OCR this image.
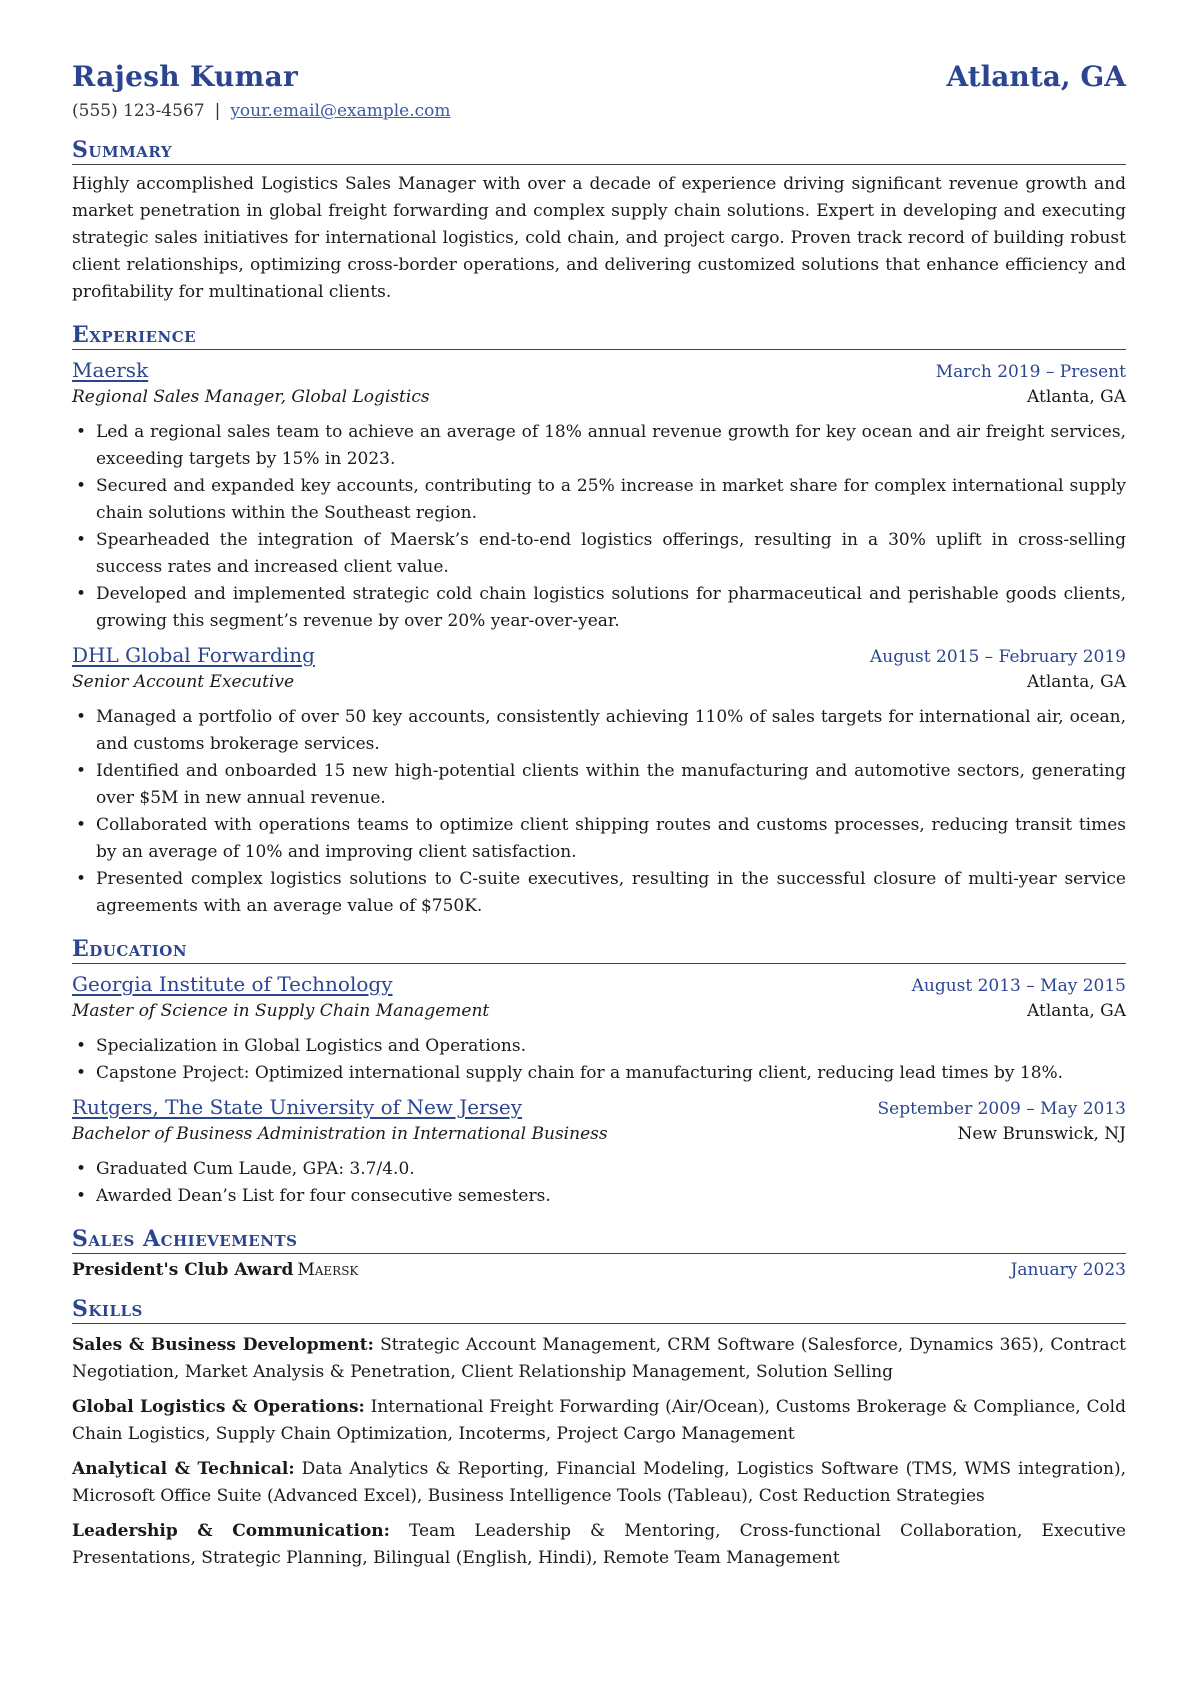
Rajesh Kumar	Atlanta, GA
(555) 123-4567 | your.email@example.com
Summary
Highly accomplished Logistics Sales Manager with over a decade of experience driving significant revenue growth and market penetration in global freight forwarding and complex supply chain solutions. Expert in developing and executing strategic sales initiatives for international logistics, cold chain, and project cargo. Proven track record of building robust client relationships, optimizing cross-border operations, and delivering customized solutions that enhance efficiency and profitability for multinational clients.
Experience
Maersk	March 2019 – Present
Regional Sales Manager, Global Logistics	Atlanta, GA
• Led a regional sales team to achieve an average of 18% annual revenue growth for key ocean and air freight services, exceeding targets by 15% in 2023.
• Secured and expanded key accounts, contributing to a 25% increase in market share for complex international supply chain solutions within the Southeast region.
• Spearheaded the integration of Maersk’s end-to-end logistics offerings, resulting in a 30% uplift in cross-selling success rates and increased client value.
• Developed and implemented strategic cold chain logistics solutions for pharmaceutical and perishable goods clients, growing this segment’s revenue by over 20% year-over-year.
DHL Global Forwarding	August 2015 – February 2019
Senior Account Executive	Atlanta, GA
• Managed a portfolio of over 50 key accounts, consistently achieving 110% of sales targets for international air, ocean, and customs brokerage services.
• Identified and onboarded 15 new high-potential clients within the manufacturing and automotive sectors, generating over $5M in new annual revenue.
• Collaborated with operations teams to optimize client shipping routes and customs processes, reducing transit times by an average of 10% and improving client satisfaction.
• Presented complex logistics solutions to C-suite executives, resulting in the successful closure of multi-year service agreements with an average value of $750K.
Education
Georgia Institute of Technology	August 2013 – May 2015
Master of Science in Supply Chain Management	Atlanta, GA
• Specialization in Global Logistics and Operations.
• Capstone Project: Optimized international supply chain for a manufacturing client, reducing lead times by 18%.
Rutgers, The State University of New Jersey	September 2009 – May 2013
Bachelor of Business Administration in International Business	New Brunswick, NJ
• Graduated Cum Laude, GPA: 3.7/4.0.
• Awarded Dean’s List for four consecutive semesters.
Sales Achievements
President's Club Award Maersk	January 2023
Skills
Sales & Business Development: Strategic Account Management, CRM Software (Salesforce, Dynamics 365), Contract Negotiation, Market Analysis & Penetration, Client Relationship Management, Solution Selling
Global Logistics & Operations: International Freight Forwarding (Air/Ocean), Customs Brokerage & Compliance, Cold Chain Logistics, Supply Chain Optimization, Incoterms, Project Cargo Management
Analytical & Technical: Data Analytics & Reporting, Financial Modeling, Logistics Software (TMS, WMS integration), Microsoft Office Suite (Advanced Excel), Business Intelligence Tools (Tableau), Cost Reduction Strategies
Leadership & Communication: Team Leadership & Mentoring, Cross-functional Collaboration, Executive Presentations, Strategic Planning, Bilingual (English, Hindi), Remote Team Management
